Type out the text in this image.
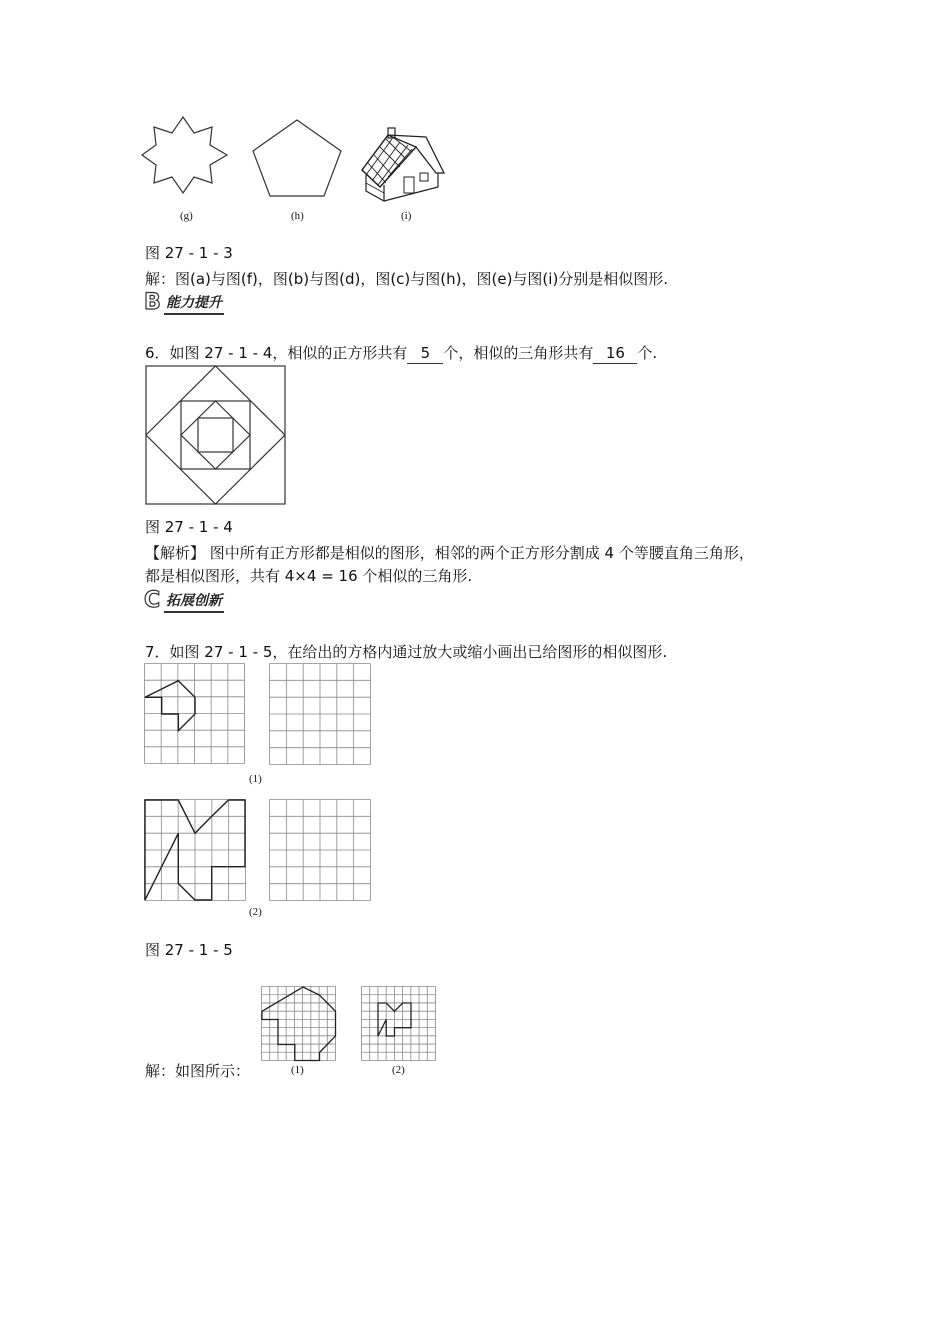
(g)	(h)	(i)
图 27 - 1 - 3
解：图(a)与图(f)，图(b)与图(d)，图(c)与图(h)，图(e)与图(i)分别是相似图形.
B 能力提升
6．如图 27 - 1 - 4，相似的正方形共有 5 个，相似的三角形共有 16 个.
图 27 - 1 - 4
【解析】 图中所有正方形都是相似的图形，相邻的两个正方形分割成 4 个等腰直角三角形，
都是相似图形，共有 4×4 = 16 个相似的三角形.
C 拓展创新
7．如图 27 - 1 - 5，在给出的方格内通过放大或缩小画出已给图形的相似图形.
(1)
(2)
图 27 - 1 - 5
解：如图所示：	(1)	(2)
